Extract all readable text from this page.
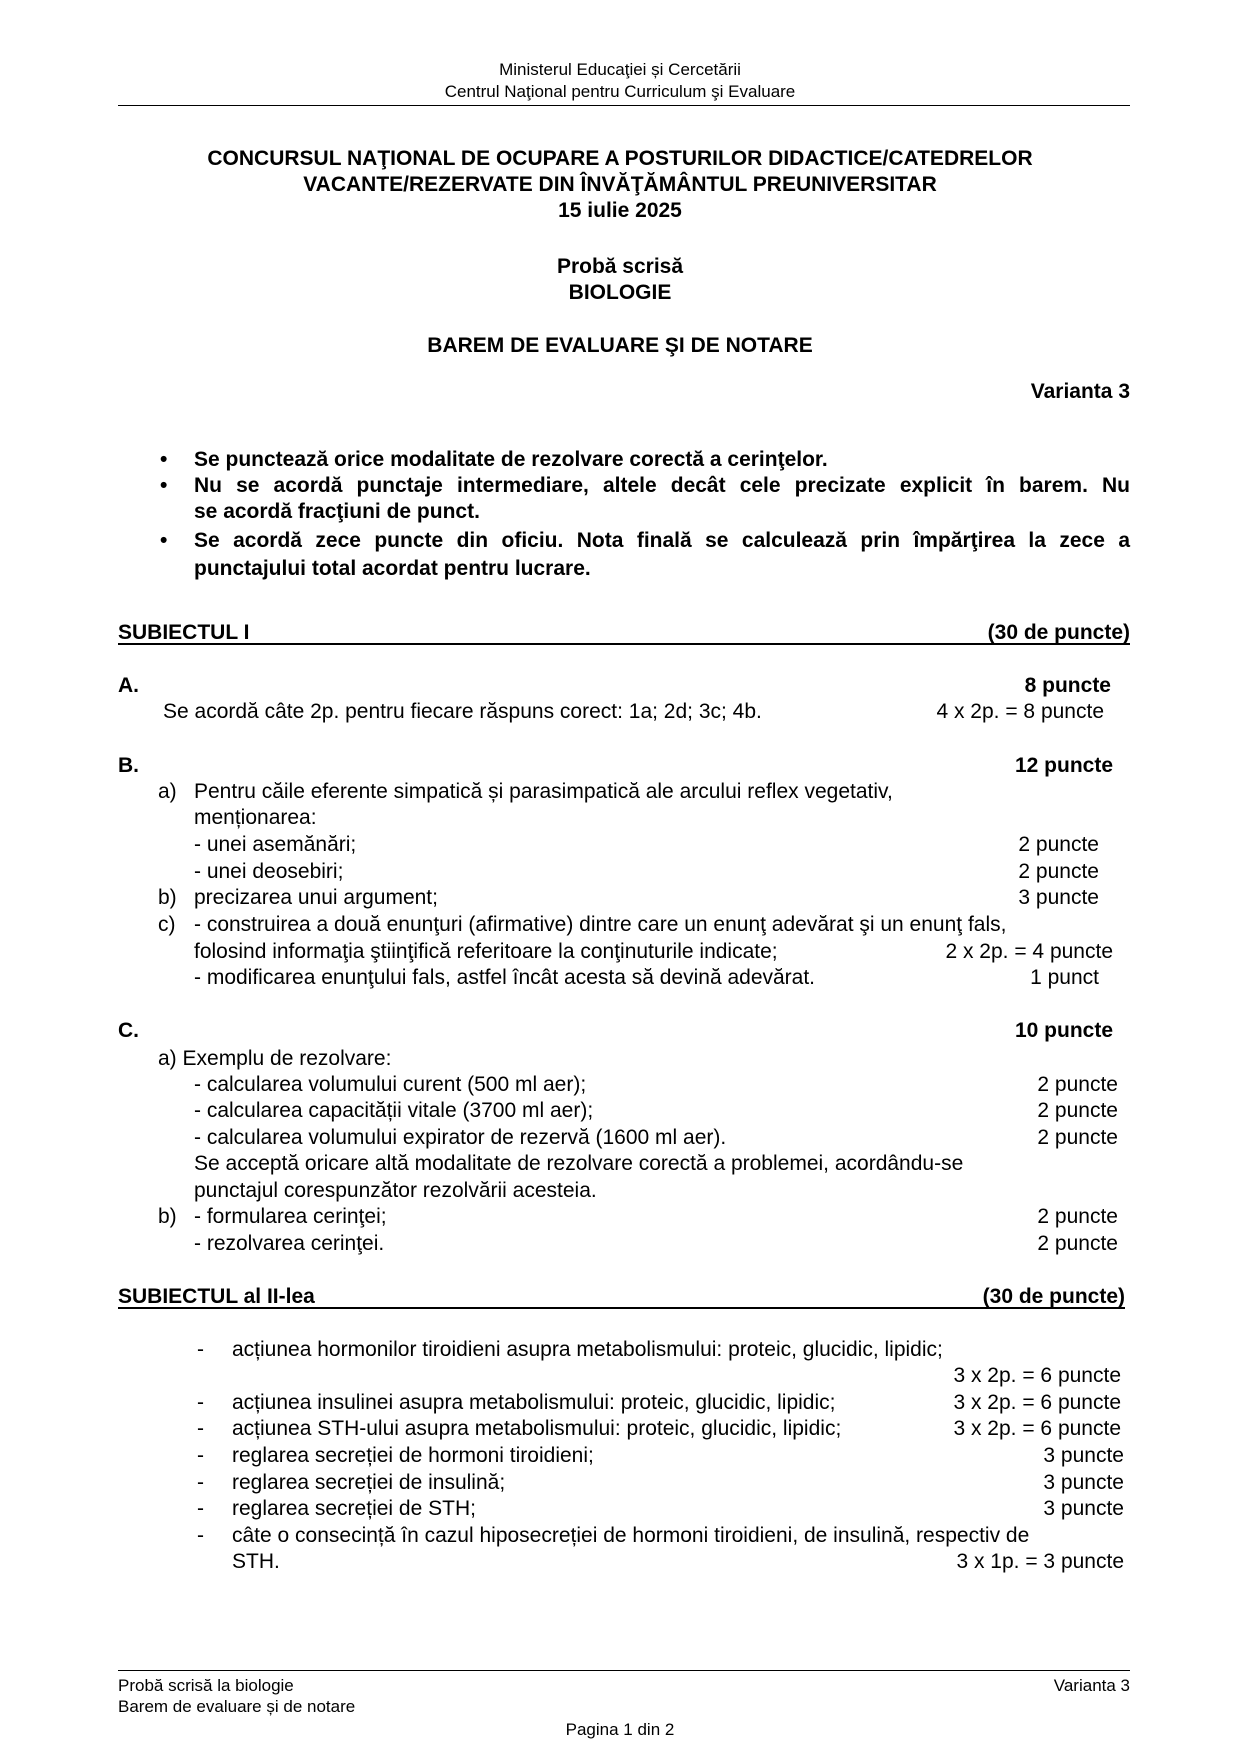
Ministerul Educaţiei și Cercetării
Centrul Naţional pentru Curriculum şi Evaluare
CONCURSUL NAŢIONAL DE OCUPARE A POSTURILOR DIDACTICE/CATEDRELOR
VACANTE/REZERVATE DIN ÎNVĂŢĂMÂNTUL PREUNIVERSITAR
15 iulie 2025
Probă scrisă
BIOLOGIE
BAREM DE EVALUARE ŞI DE NOTARE
Varianta 3
• Se punctează orice modalitate de rezolvare corectă a cerinţelor.
• Nu se acordă punctaje intermediare, altele decât cele precizate explicit în barem. Nu
se acordă fracţiuni de punct.
• Se acordă zece puncte din oficiu. Nota finală se calculează prin împărţirea la zece a
punctajului total acordat pentru lucrare.
SUBIECTUL I	(30 de puncte)
A.	8 puncte
Se acordă câte 2p. pentru fiecare răspuns corect: 1a; 2d; 3c; 4b.	4 x 2p. = 8 puncte
B.	12 puncte
a) Pentru căile eferente simpatică și parasimpatică ale arcului reflex vegetativ,
menționarea:
- unei asemănări;	2 puncte
- unei deosebiri;	2 puncte
b) precizarea unui argument;	3 puncte
c) - construirea a două enunţuri (afirmative) dintre care un enunţ adevărat şi un enunţ fals,
folosind informaţia ştiinţifică referitoare la conţinuturile indicate;	2 x 2p. = 4 puncte
- modificarea enunţului fals, astfel încât acesta să devină adevărat.	1 punct
C.	10 puncte
a) Exemplu de rezolvare:
- calcularea volumului curent (500 ml aer);	2 puncte
- calcularea capacității vitale (3700 ml aer);	2 puncte
- calcularea volumului expirator de rezervă (1600 ml aer).	2 puncte
Se acceptă oricare altă modalitate de rezolvare corectă a problemei, acordându-se
punctajul corespunzător rezolvării acesteia.
b) - formularea cerinţei;	2 puncte
- rezolvarea cerinţei.	2 puncte
SUBIECTUL al II-lea	(30 de puncte)
- acțiunea hormonilor tiroidieni asupra metabolismului: proteic, glucidic, lipidic;
3 x 2p. = 6 puncte
- acțiunea insulinei asupra metabolismului: proteic, glucidic, lipidic;	3 x 2p. = 6 puncte
- acțiunea STH-ului asupra metabolismului: proteic, glucidic, lipidic;	3 x 2p. = 6 puncte
- reglarea secreției de hormoni tiroidieni;	3 puncte
- reglarea secreției de insulină;	3 puncte
- reglarea secreției de STH;	3 puncte
- câte o consecință în cazul hiposecreției de hormoni tiroidieni, de insulină, respectiv de
STH.	3 x 1p. = 3 puncte
Probă scrisă la biologie	Varianta 3
Barem de evaluare și de notare
Pagina 1 din 2
